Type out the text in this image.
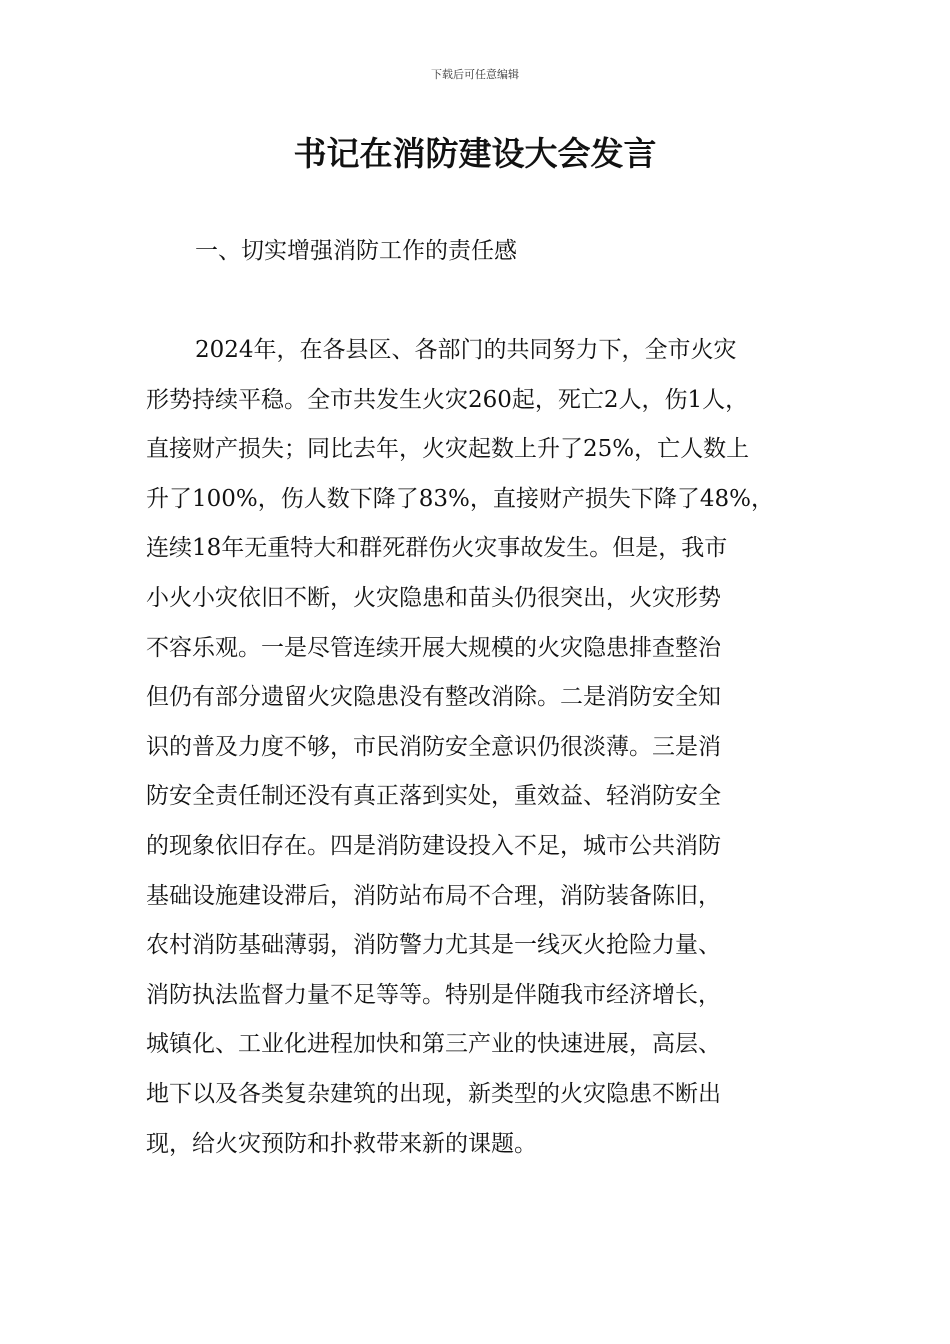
下载后可任意编辑
书记在消防建设大会发言
一、切实增强消防工作的责任感
2024年，在各县区、各部门的共同努力下，全市火灾
形势持续平稳。全市共发生火灾260起，死亡2人，伤1人，
直接财产损失；同比去年，火灾起数上升了25%，亡人数上
升了100%，伤人数下降了83%，直接财产损失下降了48%，
连续18年无重特大和群死群伤火灾事故发生。但是，我市
小火小灾依旧不断，火灾隐患和苗头仍很突出，火灾形势
不容乐观。一是尽管连续开展大规模的火灾隐患排查整治
但仍有部分遗留火灾隐患没有整改消除。二是消防安全知
识的普及力度不够，市民消防安全意识仍很淡薄。三是消
防安全责任制还没有真正落到实处，重效益、轻消防安全
的现象依旧存在。四是消防建设投入不足，城市公共消防
基础设施建设滞后，消防站布局不合理，消防装备陈旧，
农村消防基础薄弱，消防警力尤其是一线灭火抢险力量、
消防执法监督力量不足等等。特别是伴随我市经济增长，
城镇化、工业化进程加快和第三产业的快速进展，高层、
地下以及各类复杂建筑的出现，新类型的火灾隐患不断出
现，给火灾预防和扑救带来新的课题。
